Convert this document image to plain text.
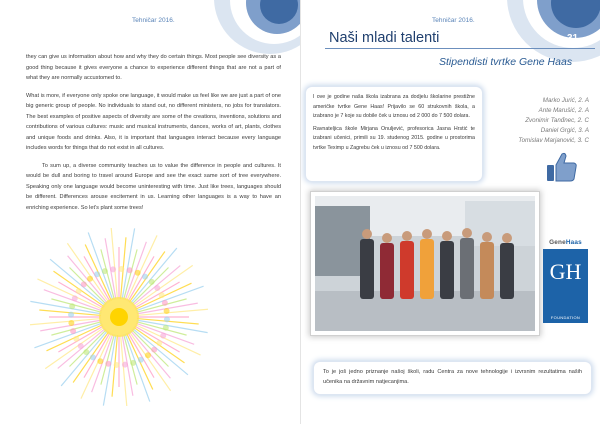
Tehničar 2016.

they can give us information about how and why they do certain things. Most people see diversity as a good thing because it gives everyone a chance to experience different things that are not a part of what they are normally accustomed to.

What is more, if everyone only spoke one language, it would make us feel like we are just a part of one big generic group of people. No individuals to stand out, no different ministers, no jobs for translators. The best examples of positive aspects of diversity are some of the creations, inventions, solutions and contributions of various cultures: music and musical instruments, dances, works of art, plants, clothes and unique foods and drinks. Also, it is important that languages interact because every language includes words for things that do not exist in all cultures.

To sum up, a diverse community teaches us to value the difference in people and cultures. It would be dull and boring to travel around Europe and see the exact same sort of tree everywhere. Speaking only one language would become uninteresting with time. Just like trees, languages should be different. Differences arouse excitement in us. Learning other languages is a way to have an enriching experience. So let's plant some trees!

Tehničar 2016.
Naši mladi talenti	31
Stipendisti tvrtke Gene Haas

I ove je godine naša škola izabrana za dodjelu školarine prestižne američke tvrtke Gene Haas! Prijavilo se 60 strukovnih škola, a izabrano je 7 koje su dobile ček u iznosu od 2 000 do 7 500 dolara.

Ravnateljica škole Mirjana Onuljević, profesorica Jasna Hrstić te izabrani učenici, primili su 19. studenog 2015. godine u prostorima tvrtke Teximp u Zagrebu ček u iznosu od 7 500 dolara.

Marko Jurić, 2. A
Ante Marušić, 2. A
Zvonimir Tanđnec, 2. C
Daniel Grgić, 3. A
Tomislav Marjanović, 3. C
GeneHaas
GH
FOUNDATION
To je još jedno priznanje našoj školi, radu Centra za nove tehnologije i izvrsnim rezultatima naših učenika na državnim natjecanjima.
